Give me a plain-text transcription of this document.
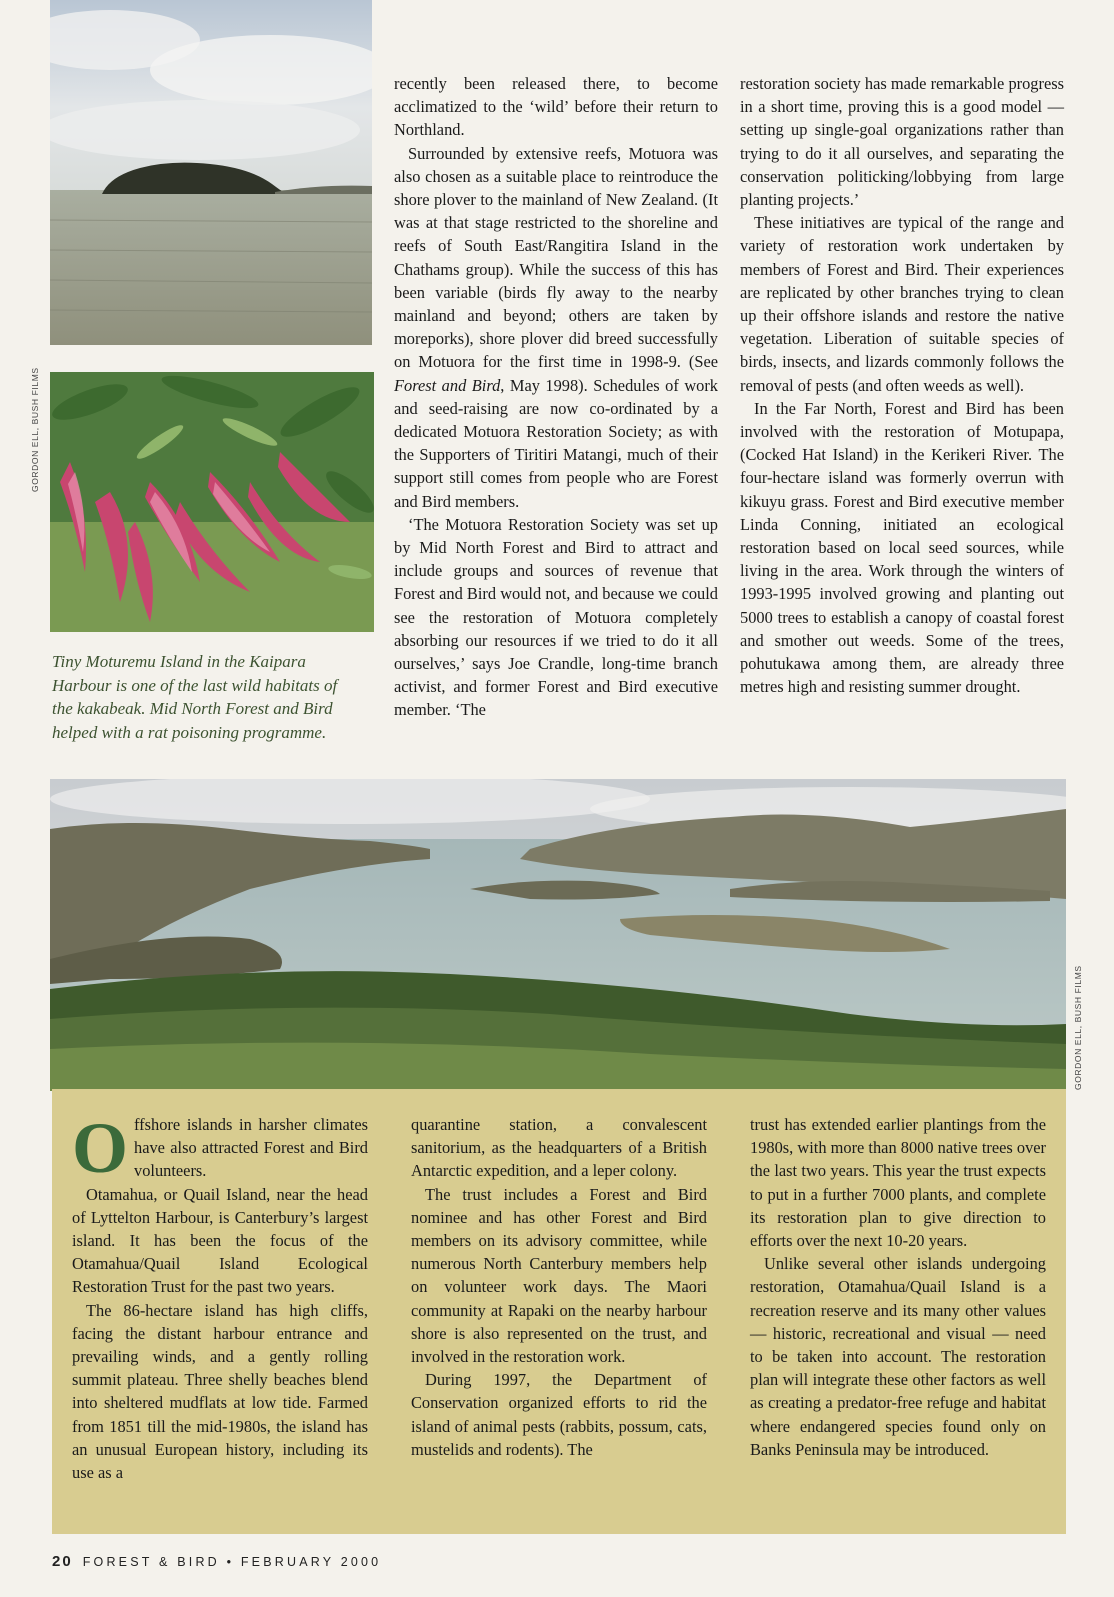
GORDON ELL, BUSH FILMS
Tiny Moturemu Island in the Kaipara Harbour is one of the last wild habitats of the kakabeak. Mid North Forest and Bird helped with a rat poisoning programme.

recently been released there, to become acclimatized to the ‘wild’ before their return to Northland.

Surrounded by extensive reefs, Motuora was also chosen as a suitable place to reintroduce the shore plover to the mainland of New Zealand. (It was at that stage restricted to the shoreline and reefs of South East/Rangitira Island in the Chathams group). While the success of this has been variable (birds fly away to the nearby mainland and beyond; others are taken by moreporks), shore plover did breed successfully on Motuora for the first time in 1998-9. (See Forest and Bird, May 1998). Schedules of work and seed-raising are now co-ordinated by a dedicated Motuora Restoration Society; as with the Supporters of Tiritiri Matangi, much of their support still comes from people who are Forest and Bird members.

‘The Motuora Restoration Society was set up by Mid North Forest and Bird to attract and include groups and sources of revenue that Forest and Bird would not, and because we could see the restoration of Motuora completely absorbing our resources if we tried to do it all ourselves,’ says Joe Crandle, long-time branch activist, and former Forest and Bird executive member. ‘The

restoration society has made remarkable progress in a short time, proving this is a good model — setting up single-goal organizations rather than trying to do it all ourselves, and separating the conservation politicking/lobbying from large planting projects.’

These initiatives are typical of the range and variety of restoration work undertaken by members of Forest and Bird. Their experiences are replicated by other branches trying to clean up their offshore islands and restore the native vegetation. Liberation of suitable species of birds, insects, and lizards commonly follows the removal of pests (and often weeds as well).

In the Far North, Forest and Bird has been involved with the restoration of Motupapa, (Cocked Hat Island) in the Kerikeri River. The four-hectare island was formerly overrun with kikuyu grass. Forest and Bird executive member Linda Conning, initiated an ecological restoration based on local seed sources, while living in the area. Work through the winters of 1993-1995 involved growing and planting out 5000 trees to establish a canopy of coastal forest and smother out weeds. Some of the trees, pohutukawa among them, are already three metres high and resisting summer drought.

GORDON ELL, BUSH FILMS

Offshore islands in harsher climates have also attracted Forest and Bird volunteers.

Otamahua, or Quail Island, near the head of Lyttelton Harbour, is Canterbury’s largest island. It has been the focus of the Otamahua/Quail Island Ecological Restoration Trust for the past two years.

The 86-hectare island has high cliffs, facing the distant harbour entrance and prevailing winds, and a gently rolling summit plateau. Three shelly beaches blend into sheltered mudflats at low tide. Farmed from 1851 till the mid-1980s, the island has an unusual European history, including its use as a

quarantine station, a convalescent sanitorium, as the headquarters of a British Antarctic expedition, and a leper colony.

The trust includes a Forest and Bird nominee and has other Forest and Bird members on its advisory committee, while numerous North Canterbury members help on volunteer work days. The Maori community at Rapaki on the nearby harbour shore is also represented on the trust, and involved in the restoration work.

During 1997, the Department of Conservation organized efforts to rid the island of animal pests (rabbits, possum, cats, mustelids and rodents). The

trust has extended earlier plantings from the 1980s, with more than 8000 native trees over the last two years. This year the trust expects to put in a further 7000 plants, and complete its restoration plan to give direction to efforts over the next 10-20 years.

Unlike several other islands undergoing restoration, Otamahua/Quail Island is a recreation reserve and its many other values — historic, recreational and visual — need to be taken into account. The restoration plan will integrate these other factors as well as creating a predator-free refuge and habitat where endangered species found only on Banks Peninsula may be introduced.

20 FOREST & BIRD • FEBRUARY 2000
